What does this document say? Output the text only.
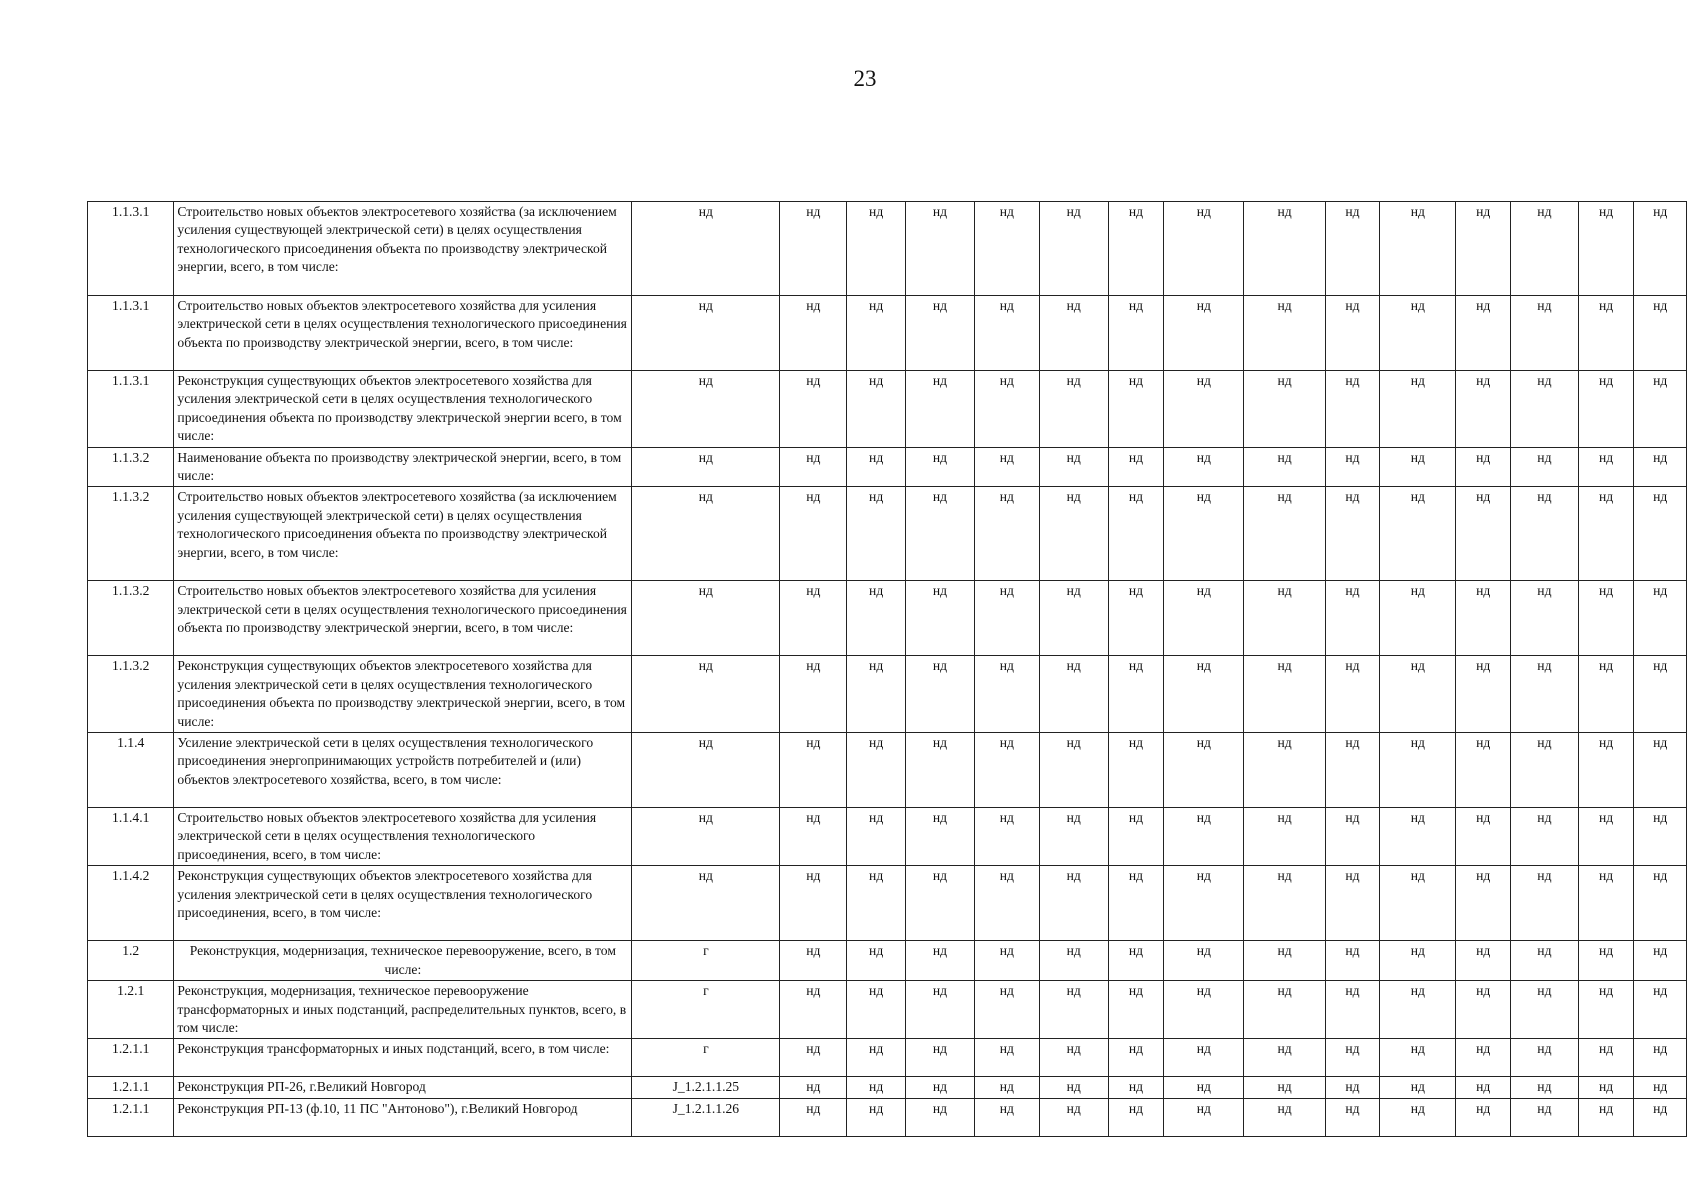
23
1.1.3.1	Строительство новых объектов электросетевого хозяйства (за исключением усиления существующей электрической сети) в целях осуществления технологического присоединения объекта по производству электрической энергии, всего, в том числе:	нд	нд	нд	нд	нд	нд	нд	нд	нд	нд	нд	нд	нд	нд	нд
1.1.3.1	Строительство новых объектов электросетевого хозяйства для усиления электрической сети в целях осуществления технологического присоединения объекта по производству электрической энергии, всего, в том числе:	нд	нд	нд	нд	нд	нд	нд	нд	нд	нд	нд	нд	нд	нд	нд
1.1.3.1	Реконструкция существующих объектов электросетевого хозяйства для усиления электрической сети в целях осуществления технологического присоединения объекта по производству электрической энергии всего, в том числе:	нд	нд	нд	нд	нд	нд	нд	нд	нд	нд	нд	нд	нд	нд	нд
1.1.3.2	Наименование объекта по производству электрической энергии, всего, в том числе:	нд	нд	нд	нд	нд	нд	нд	нд	нд	нд	нд	нд	нд	нд	нд
1.1.3.2	Строительство новых объектов электросетевого хозяйства (за исключением усиления существующей электрической сети) в целях осуществления технологического присоединения объекта по производству электрической энергии, всего, в том числе:	нд	нд	нд	нд	нд	нд	нд	нд	нд	нд	нд	нд	нд	нд	нд
1.1.3.2	Строительство новых объектов электросетевого хозяйства для усиления электрической сети в целях осуществления технологического присоединения объекта по производству электрической энергии, всего, в том числе:	нд	нд	нд	нд	нд	нд	нд	нд	нд	нд	нд	нд	нд	нд	нд
1.1.3.2	Реконструкция существующих объектов электросетевого хозяйства для усиления электрической сети в целях осуществления технологического присоединения объекта по производству электрической энергии, всего, в том числе:	нд	нд	нд	нд	нд	нд	нд	нд	нд	нд	нд	нд	нд	нд	нд
1.1.4	Усиление электрической сети в целях осуществления технологического присоединения энергопринимающих устройств потребителей и (или) объектов электросетевого хозяйства, всего, в том числе:	нд	нд	нд	нд	нд	нд	нд	нд	нд	нд	нд	нд	нд	нд	нд
1.1.4.1	Строительство новых объектов электросетевого хозяйства для усиления электрической сети в целях осуществления технологического присоединения, всего, в том числе:	нд	нд	нд	нд	нд	нд	нд	нд	нд	нд	нд	нд	нд	нд	нд
1.1.4.2	Реконструкция существующих объектов электросетевого хозяйства для усиления электрической сети в целях осуществления технологического присоединения, всего, в том числе:	нд	нд	нд	нд	нд	нд	нд	нд	нд	нд	нд	нд	нд	нд	нд
1.2	Реконструкция, модернизация, техническое перевооружение, всего, в том числе:	г	нд	нд	нд	нд	нд	нд	нд	нд	нд	нд	нд	нд	нд	нд
1.2.1	Реконструкция, модернизация, техническое перевооружение трансформаторных и иных подстанций, распределительных пунктов, всего, в том числе:	г	нд	нд	нд	нд	нд	нд	нд	нд	нд	нд	нд	нд	нд	нд
1.2.1.1	Реконструкция трансформаторных и иных подстанций, всего, в том числе:	г	нд	нд	нд	нд	нд	нд	нд	нд	нд	нд	нд	нд	нд	нд
1.2.1.1	Реконструкция РП-26, г.Великий Новгород	J_1.2.1.1.25	нд	нд	нд	нд	нд	нд	нд	нд	нд	нд	нд	нд	нд	нд
1.2.1.1	Реконструкция РП-13 (ф.10, 11 ПС "Антоново"), г.Великий Новгород	J_1.2.1.1.26	нд	нд	нд	нд	нд	нд	нд	нд	нд	нд	нд	нд	нд	нд
